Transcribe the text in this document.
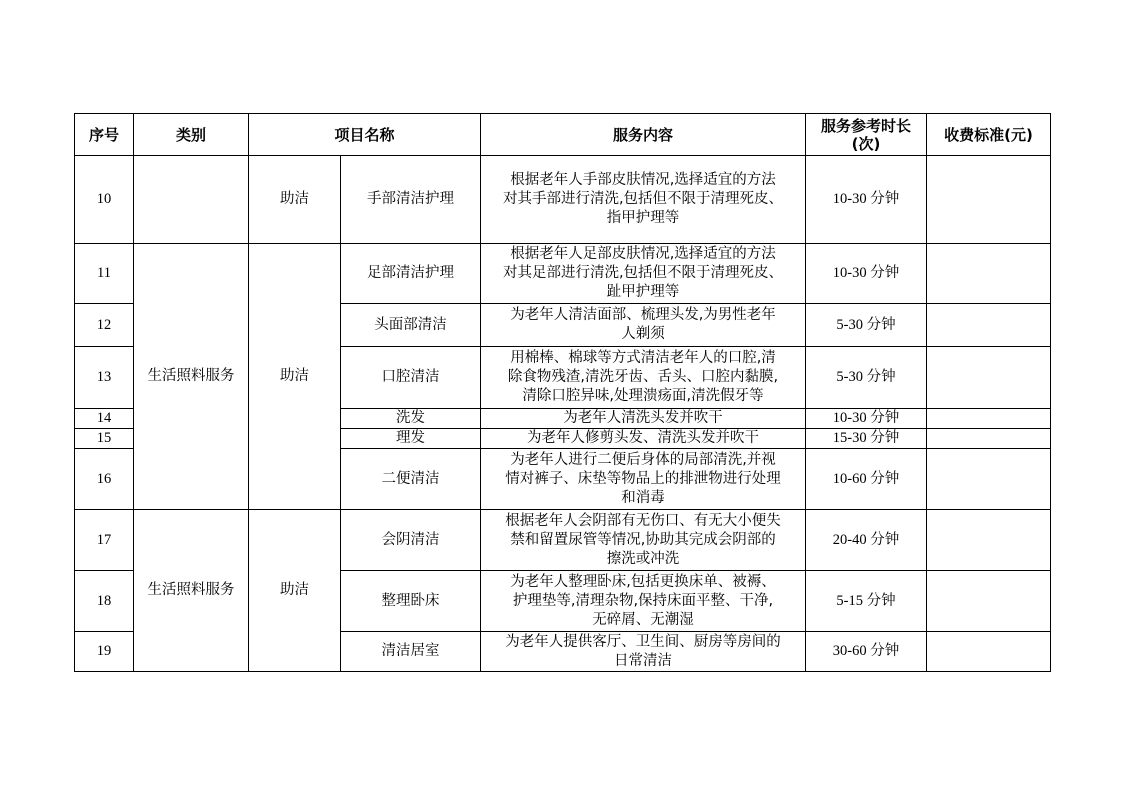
序号	类别	项目名称		服务内容	服务参考时长
(次)	收费标准(元)
10		助洁	手部清洁护理	根据老年人手部皮肤情况,选择适宜的方法
对其手部进行清洗,包括但不限于清理死皮、
指甲护理等	10-30 分钟	
11	生活照料服务	助洁	足部清洁护理	根据老年人足部皮肤情况,选择适宜的方法
对其足部进行清洗,包括但不限于清理死皮、
趾甲护理等	10-30 分钟	
12			头面部清洁	为老年人清洁面部、梳理头发,为男性老年
人剃须	5-30 分钟	
13			口腔清洁	用棉棒、棉球等方式清洁老年人的口腔,清
除食物残渣,清洗牙齿、舌头、口腔内黏膜,
清除口腔异味,处理溃疡面,清洗假牙等	5-30 分钟	
14			洗发	为老年人清洗头发并吹干	10-30 分钟	
15			理发	为老年人修剪头发、清洗头发并吹干	15-30 分钟	
16			二便清洁	为老年人进行二便后身体的局部清洗,并视
情对裤子、床垫等物品上的排泄物进行处理
和消毒	10-60 分钟	
17	生活照料服务	助洁	会阴清洁	根据老年人会阴部有无伤口、有无大小便失
禁和留置尿管等情况,协助其完成会阴部的
擦洗或冲洗	20-40 分钟	
18			整理卧床	为老年人整理卧床,包括更换床单、被褥、
护理垫等,清理杂物,保持床面平整、干净,
无碎屑、无潮湿	5-15 分钟	
19			清洁居室	为老年人提供客厅、卫生间、厨房等房间的
日常清洁	30-60 分钟	
